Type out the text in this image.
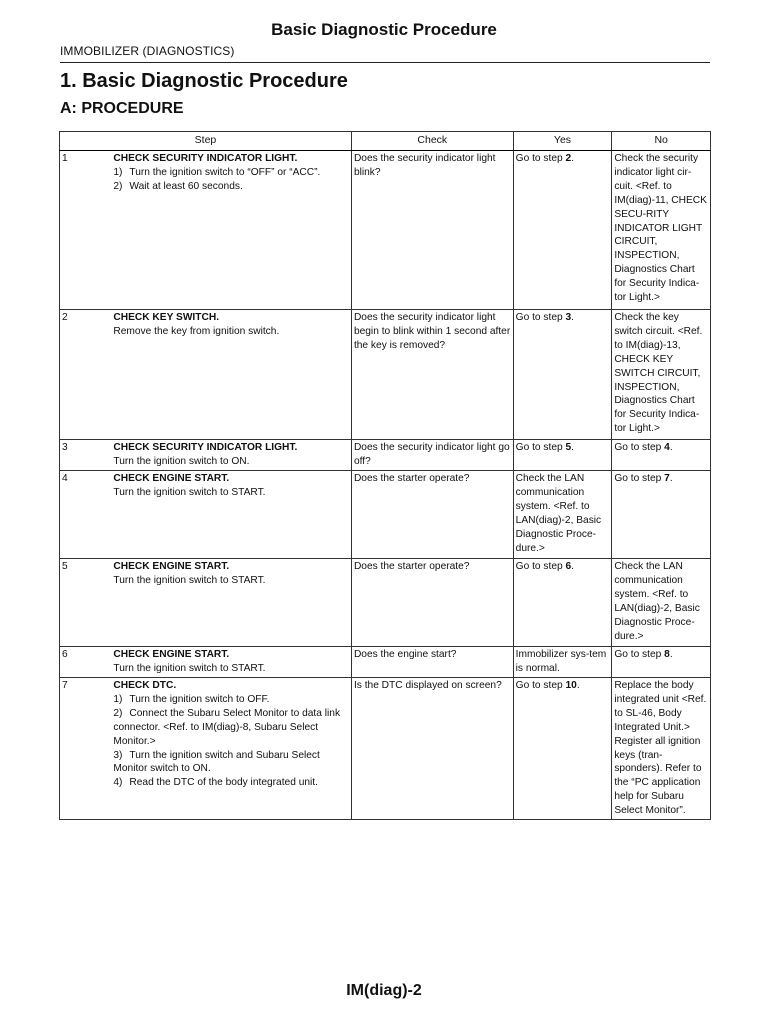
Basic Diagnostic Procedure
IMMOBILIZER (DIAGNOSTICS)
1. Basic Diagnostic Procedure
A: PROCEDURE
Step		Check	Yes	No
1	CHECK SECURITY INDICATOR LIGHT.
1) Turn the ignition switch to “OFF” or “ACC”.
2) Wait at least 60 seconds.	Does the security indicator light blink?	Go to step 2.	Check the security indicator light cir-cuit. <Ref. to IM(diag)-11, CHECK SECU-RITY INDICATOR LIGHT CIRCUIT, INSPECTION, Diagnostics Chart for Security Indica-tor Light.>
2	CHECK KEY SWITCH.
Remove the key from ignition switch.	Does the security indicator light begin to blink within 1 second after the key is removed?	Go to step 3.	Check the key switch circuit. <Ref. to IM(diag)-13, CHECK KEY SWITCH CIRCUIT, INSPECTION, Diagnostics Chart for Security Indica-tor Light.>
3	CHECK SECURITY INDICATOR LIGHT.
Turn the ignition switch to ON.	Does the security indicator light go off?	Go to step 5.	Go to step 4.
4	CHECK ENGINE START.
Turn the ignition switch to START.	Does the starter operate?	Check the LAN communication system. <Ref. to LAN(diag)-2, Basic Diagnostic Proce-dure.>	Go to step 7.
5	CHECK ENGINE START.
Turn the ignition switch to START.	Does the starter operate?	Go to step 6.	Check the LAN communication system. <Ref. to LAN(diag)-2, Basic Diagnostic Proce-dure.>
6	CHECK ENGINE START.
Turn the ignition switch to START.	Does the engine start?	Immobilizer sys-tem is normal.	Go to step 8.
7	CHECK DTC.
1) Turn the ignition switch to OFF.
2) Connect the Subaru Select Monitor to data link connector. <Ref. to IM(diag)-8, Subaru Select Monitor.>
3) Turn the ignition switch and Subaru Select Monitor switch to ON.
4) Read the DTC of the body integrated unit.	Is the DTC displayed on screen?	Go to step 10.	Replace the body integrated unit <Ref. to SL-46, Body Integrated Unit.> Register all ignition keys (tran-sponders). Refer to the “PC application help for Subaru Select Monitor”.
IM(diag)-2
